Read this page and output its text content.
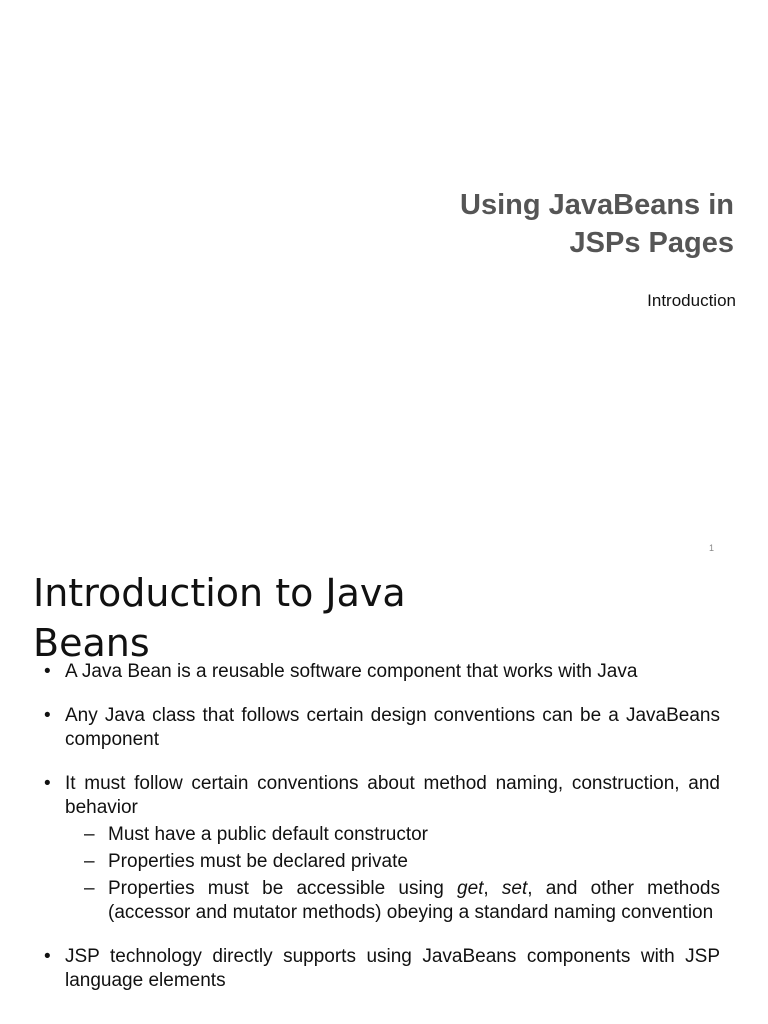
Using JavaBeans in
JSPs Pages
Introduction
1
Introduction to Java
Beans
• A Java Bean is a reusable software component that works with Java
• Any Java class that follows certain design conventions can be a JavaBeans component
• It must follow certain conventions about method naming, construction, and behavior
– Must have a public default constructor
– Properties must be declared private
– Properties must be accessible using get, set, and other methods (accessor and mutator methods) obeying a standard naming convention
• JSP technology directly supports using JavaBeans components with JSP language elements
